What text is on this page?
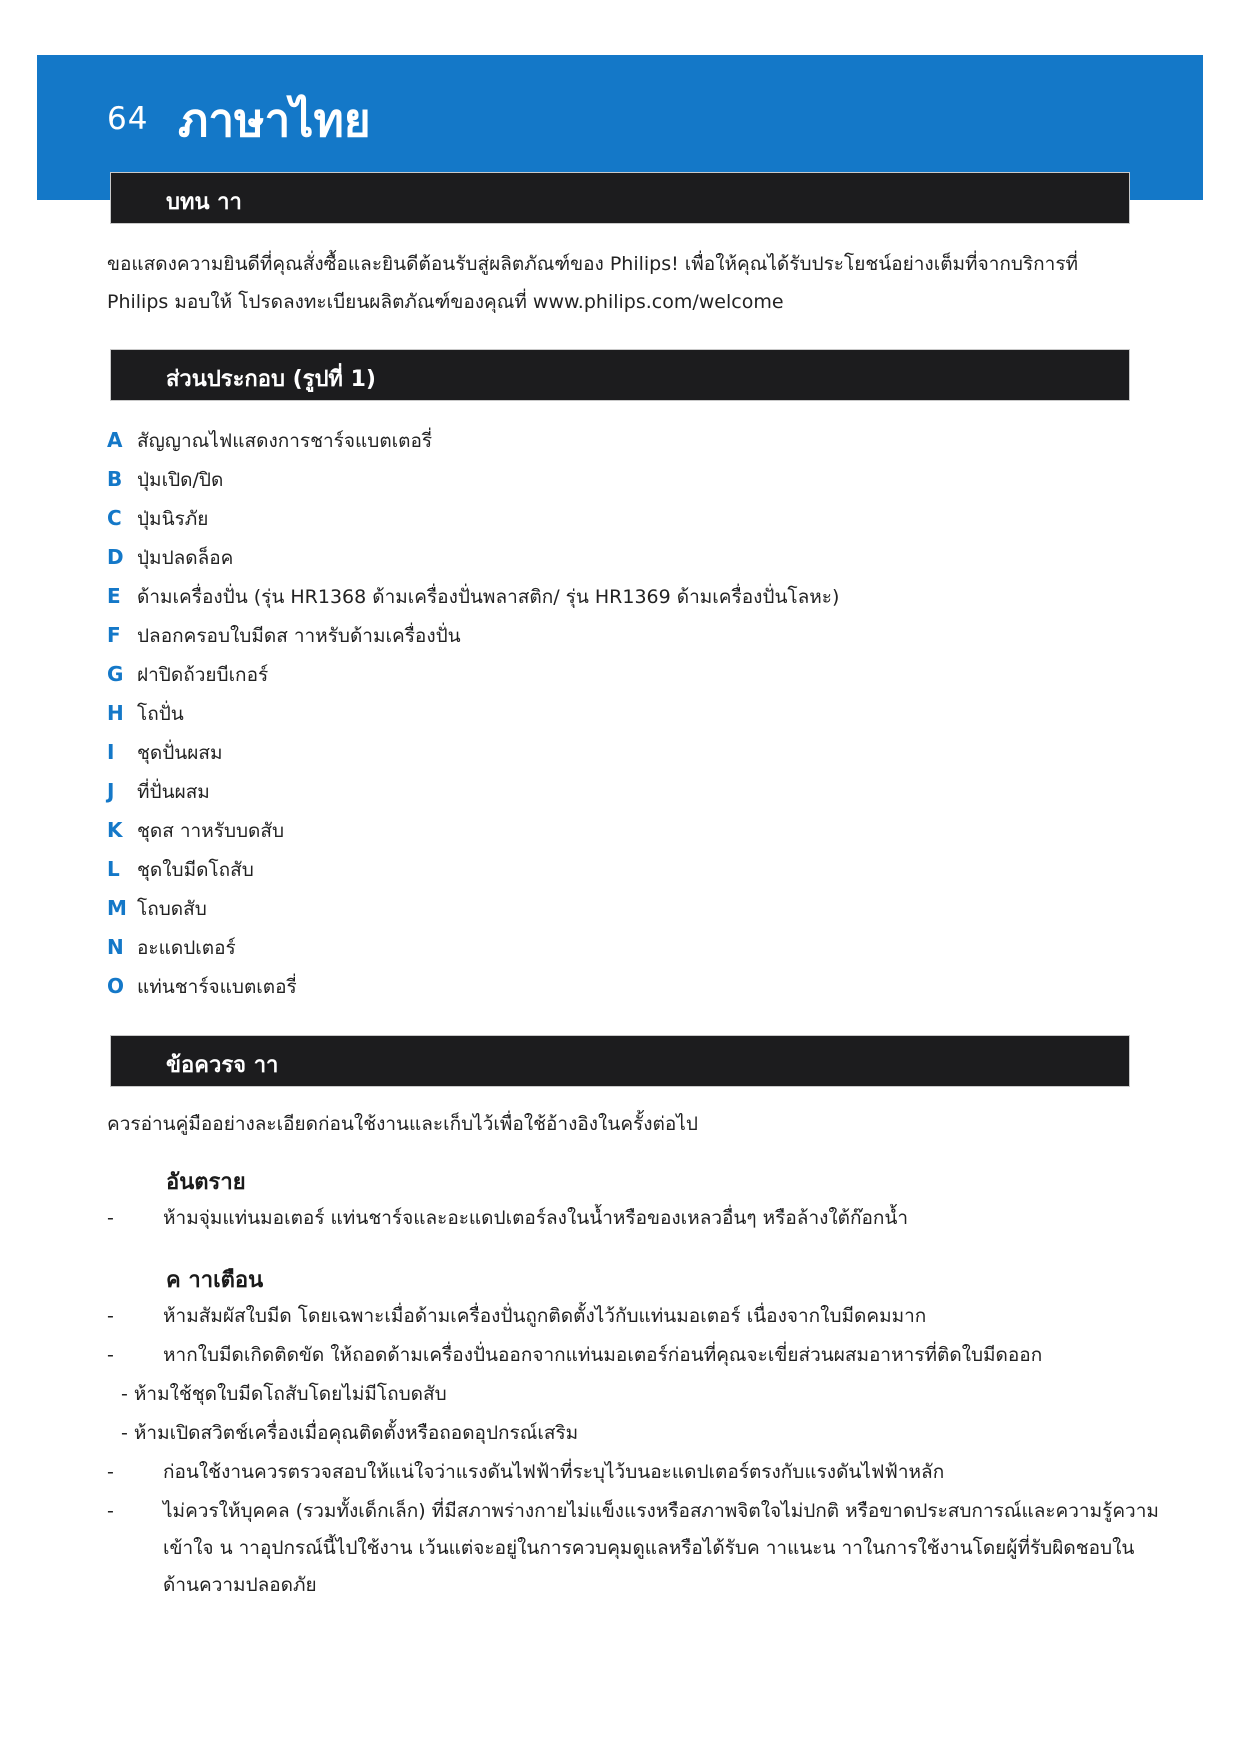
64 ภาษาไทย
บทน าา
ขอแสดงความยินดีที่คุณสั่งซื้อและยินดีต้อนรับสู่ผลิตภัณฑ์ของ Philips! เพื่อให้คุณได้รับประโยชน์อย่างเต็มที่จากบริการที่
Philips มอบให้ โปรดลงทะเบียนผลิตภัณฑ์ของคุณที่ www.philips.com/welcome
ส่วนประกอบ (รูปที่ 1)
A สัญญาณไฟแสดงการชาร์จแบตเตอรี่
B ปุ่มเปิด/ปิด
C ปุ่มนิรภัย
D ปุ่มปลดล็อค
E ด้ามเครื่องปั่น (รุ่น HR1368 ด้ามเครื่องปั่นพลาสติก/ รุ่น HR1369 ด้ามเครื่องปั่นโลหะ)
F ปลอกครอบใบมีดส าาหรับด้ามเครื่องปั่น
G ฝาปิดถ้วยบีเกอร์
H โถปั่น
I ชุดปั่นผสม
J ที่ปั่นผสม
K ชุดส าาหรับบดสับ
L ชุดใบมีดโถสับ
M โถบดสับ
N อะแดปเตอร์
O แท่นชาร์จแบตเตอรี่
ข้อควรจ าา
ควรอ่านคู่มืออย่างละเอียดก่อนใช้งานและเก็บไว้เพื่อใช้อ้างอิงในครั้งต่อไป
อันตราย
-	ห้ามจุ่มแท่นมอเตอร์ แท่นชาร์จและอะแดปเตอร์ลงในน้ำหรือของเหลวอื่นๆ หรือล้างใต้ก๊อกน้ำ
ค าาเตือน
-	ห้ามสัมผัสใบมีด โดยเฉพาะเมื่อด้ามเครื่องปั่นถูกติดตั้งไว้กับแท่นมอเตอร์ เนื่องจากใบมีดคมมาก
-	หากใบมีดเกิดติดขัด ให้ถอดด้ามเครื่องปั่นออกจากแท่นมอเตอร์ก่อนที่คุณจะเขี่ยส่วนผสมอาหารที่ติดใบมีดออก
- ห้ามใช้ชุดใบมีดโถสับโดยไม่มีโถบดสับ
- ห้ามเปิดสวิตช์เครื่องเมื่อคุณติดตั้งหรือถอดอุปกรณ์เสริม
-	ก่อนใช้งานควรตรวจสอบให้แน่ใจว่าแรงดันไฟฟ้าที่ระบุไว้บนอะแดปเตอร์ตรงกับแรงดันไฟฟ้าหลัก
-	ไม่ควรให้บุคคล (รวมทั้งเด็กเล็ก) ที่มีสภาพร่างกายไม่แข็งแรงหรือสภาพจิตใจไม่ปกติ หรือขาดประสบการณ์และความรู้ความเข้าใจ น าาอุปกรณ์นี้ไปใช้งาน เว้นแต่จะอยู่ในการควบคุมดูแลหรือได้รับค าาแนะน าาในการใช้งานโดยผู้ที่รับผิดชอบในด้านความปลอดภัย
